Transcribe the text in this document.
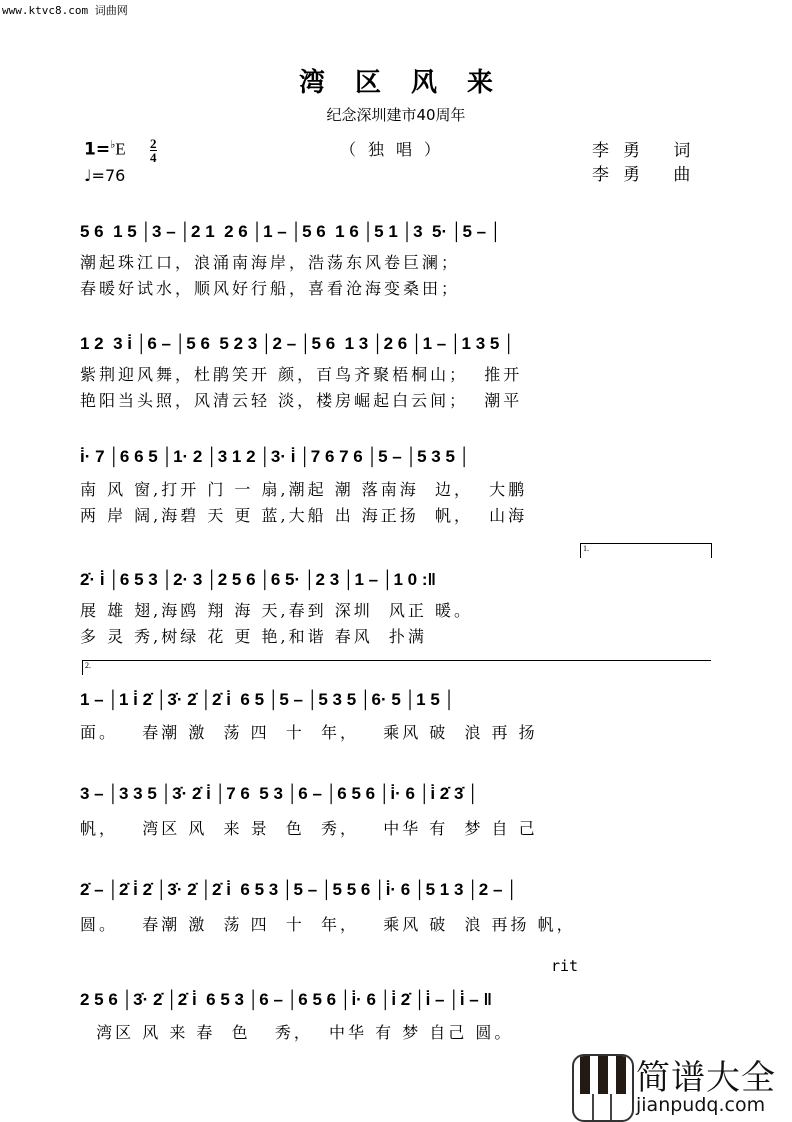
www.ktvc8.com 词曲网
湾区风来
纪念深圳建市40周年
1=♭E 2
4
♩=76
（独唱）	李勇 词
李勇 曲
5 6  1 5 │3 – │2 1  2 6 │1 – │5 6  1 6 │5 1 │3  5· │5 – │
潮起珠江口，浪涌南海岸，浩荡东风卷巨澜；
春暖好试水，顺风好行船，喜看沧海变桑田；
1 2  3 i̇ │6 – │5 6  5 2 3 │2 – │5 6  1 3 │2 6 │1 – │1 3 5 │
紫荆迎风舞，杜鹃笑开 颜，百鸟齐聚梧桐山；  推开
艳阳当头照，风清云轻 淡，楼房崛起白云间；  潮平
i̇· 7 │6 6 5 │1· 2 │3 1 2 │3· i̇ │7 6 7 6 │5 – │5 3 5 │
南 风 窗,打开 门 一 扇,潮起 潮 落南海  边，  大鹏
两 岸 阔,海碧 天 更 蓝,大船 出 海正扬  帆，  山海
1.
2̇· i̇ │6 5 3 │2· 3 │2 5 6 │6 5· │2 3 │1 – │1 0 :‖
展 雄 翅,海鸥 翔 海 天,春到 深圳  风正 暖。
多 灵 秀,树绿 花 更 艳,和谐 春风  扑满
2.
1 – │1 i̇ 2̇ │3̇· 2̇ │2̇ i̇  6 5 │5 – │5 3 5 │6· 5 │1 5 │
面。   春潮 激  荡 四  十  年，   乘风 破  浪 再 扬
3 – │3 3 5 │3̇· 2̇ i̇ │7 6  5 3 │6 – │6 5 6 │i̇· 6 │i̇ 2̇ 3̇ │
帆，   湾区 风  来 景  色  秀，   中华 有  梦 自 己
2̇ – │2̇ i̇ 2̇ │3̇· 2̇ │2̇ i̇  6 5 3 │5 – │5 5 6 │i̇· 6 │5 1 3 │2 – │
圆。   春潮 激  荡 四  十  年，   乘风 破  浪 再扬 帆，
rit
2 5 6 │3̇· 2̇ │2̇ i̇  6 5 3 │6 – │6 5 6 │i̇· 6 │i̇ 2̇ │i̇ – │i̇ – ‖
湾区 风 来 春  色   秀，  中华 有 梦 自己 圆。
简谱大全
jianpudq.com
